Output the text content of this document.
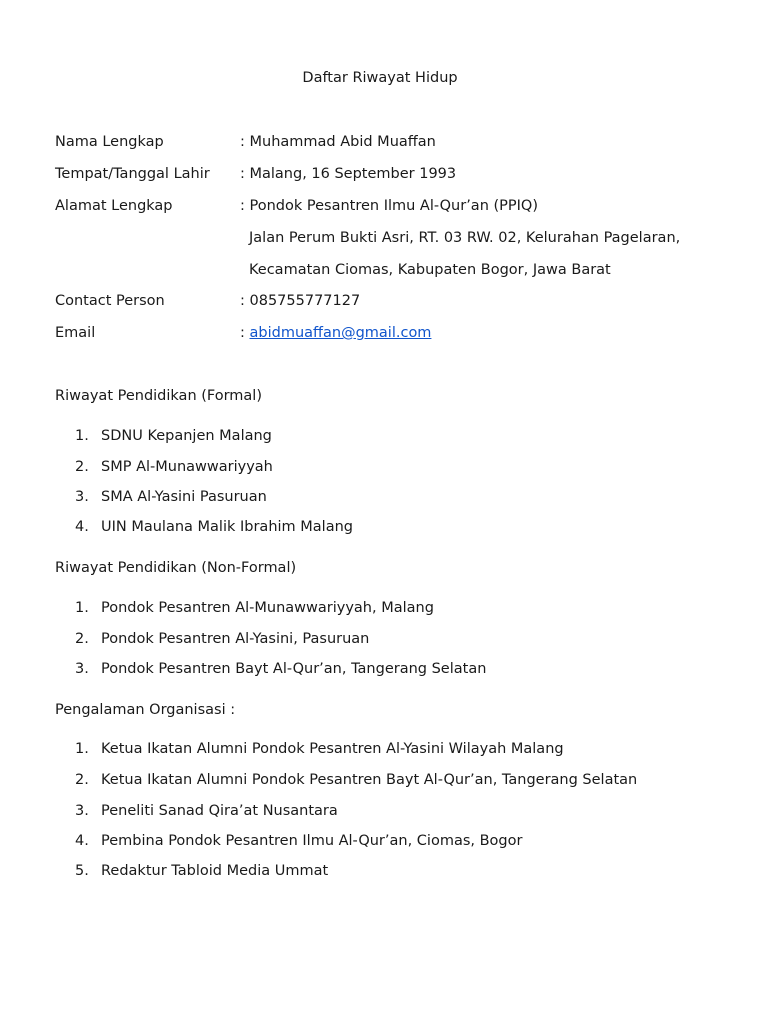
Daftar Riwayat Hidup
Nama Lengkap	: Muhammad Abid Muaffan
Tempat/Tanggal Lahir : Malang, 16 September 1993
Alamat Lengkap	: Pondok Pesantren Ilmu Al-Qur’an (PPIQ)
Jalan Perum Bukti Asri, RT. 03 RW. 02, Kelurahan Pagelaran,
Kecamatan Ciomas, Kabupaten Bogor, Jawa Barat
Contact Person	: 085755777127
Email	: abidmuaffan@gmail.com
Riwayat Pendidikan (Formal)
1. SDNU Kepanjen Malang
2. SMP Al-Munawwariyyah
3. SMA Al-Yasini Pasuruan
4. UIN Maulana Malik Ibrahim Malang
Riwayat Pendidikan (Non-Formal)
1. Pondok Pesantren Al-Munawwariyyah, Malang
2. Pondok Pesantren Al-Yasini, Pasuruan
3. Pondok Pesantren Bayt Al-Qur’an, Tangerang Selatan
Pengalaman Organisasi :
1. Ketua Ikatan Alumni Pondok Pesantren Al-Yasini Wilayah Malang
2. Ketua Ikatan Alumni Pondok Pesantren Bayt Al-Qur’an, Tangerang Selatan
3. Peneliti Sanad Qira’at Nusantara
4. Pembina Pondok Pesantren Ilmu Al-Qur’an, Ciomas, Bogor
5. Redaktur Tabloid Media Ummat
